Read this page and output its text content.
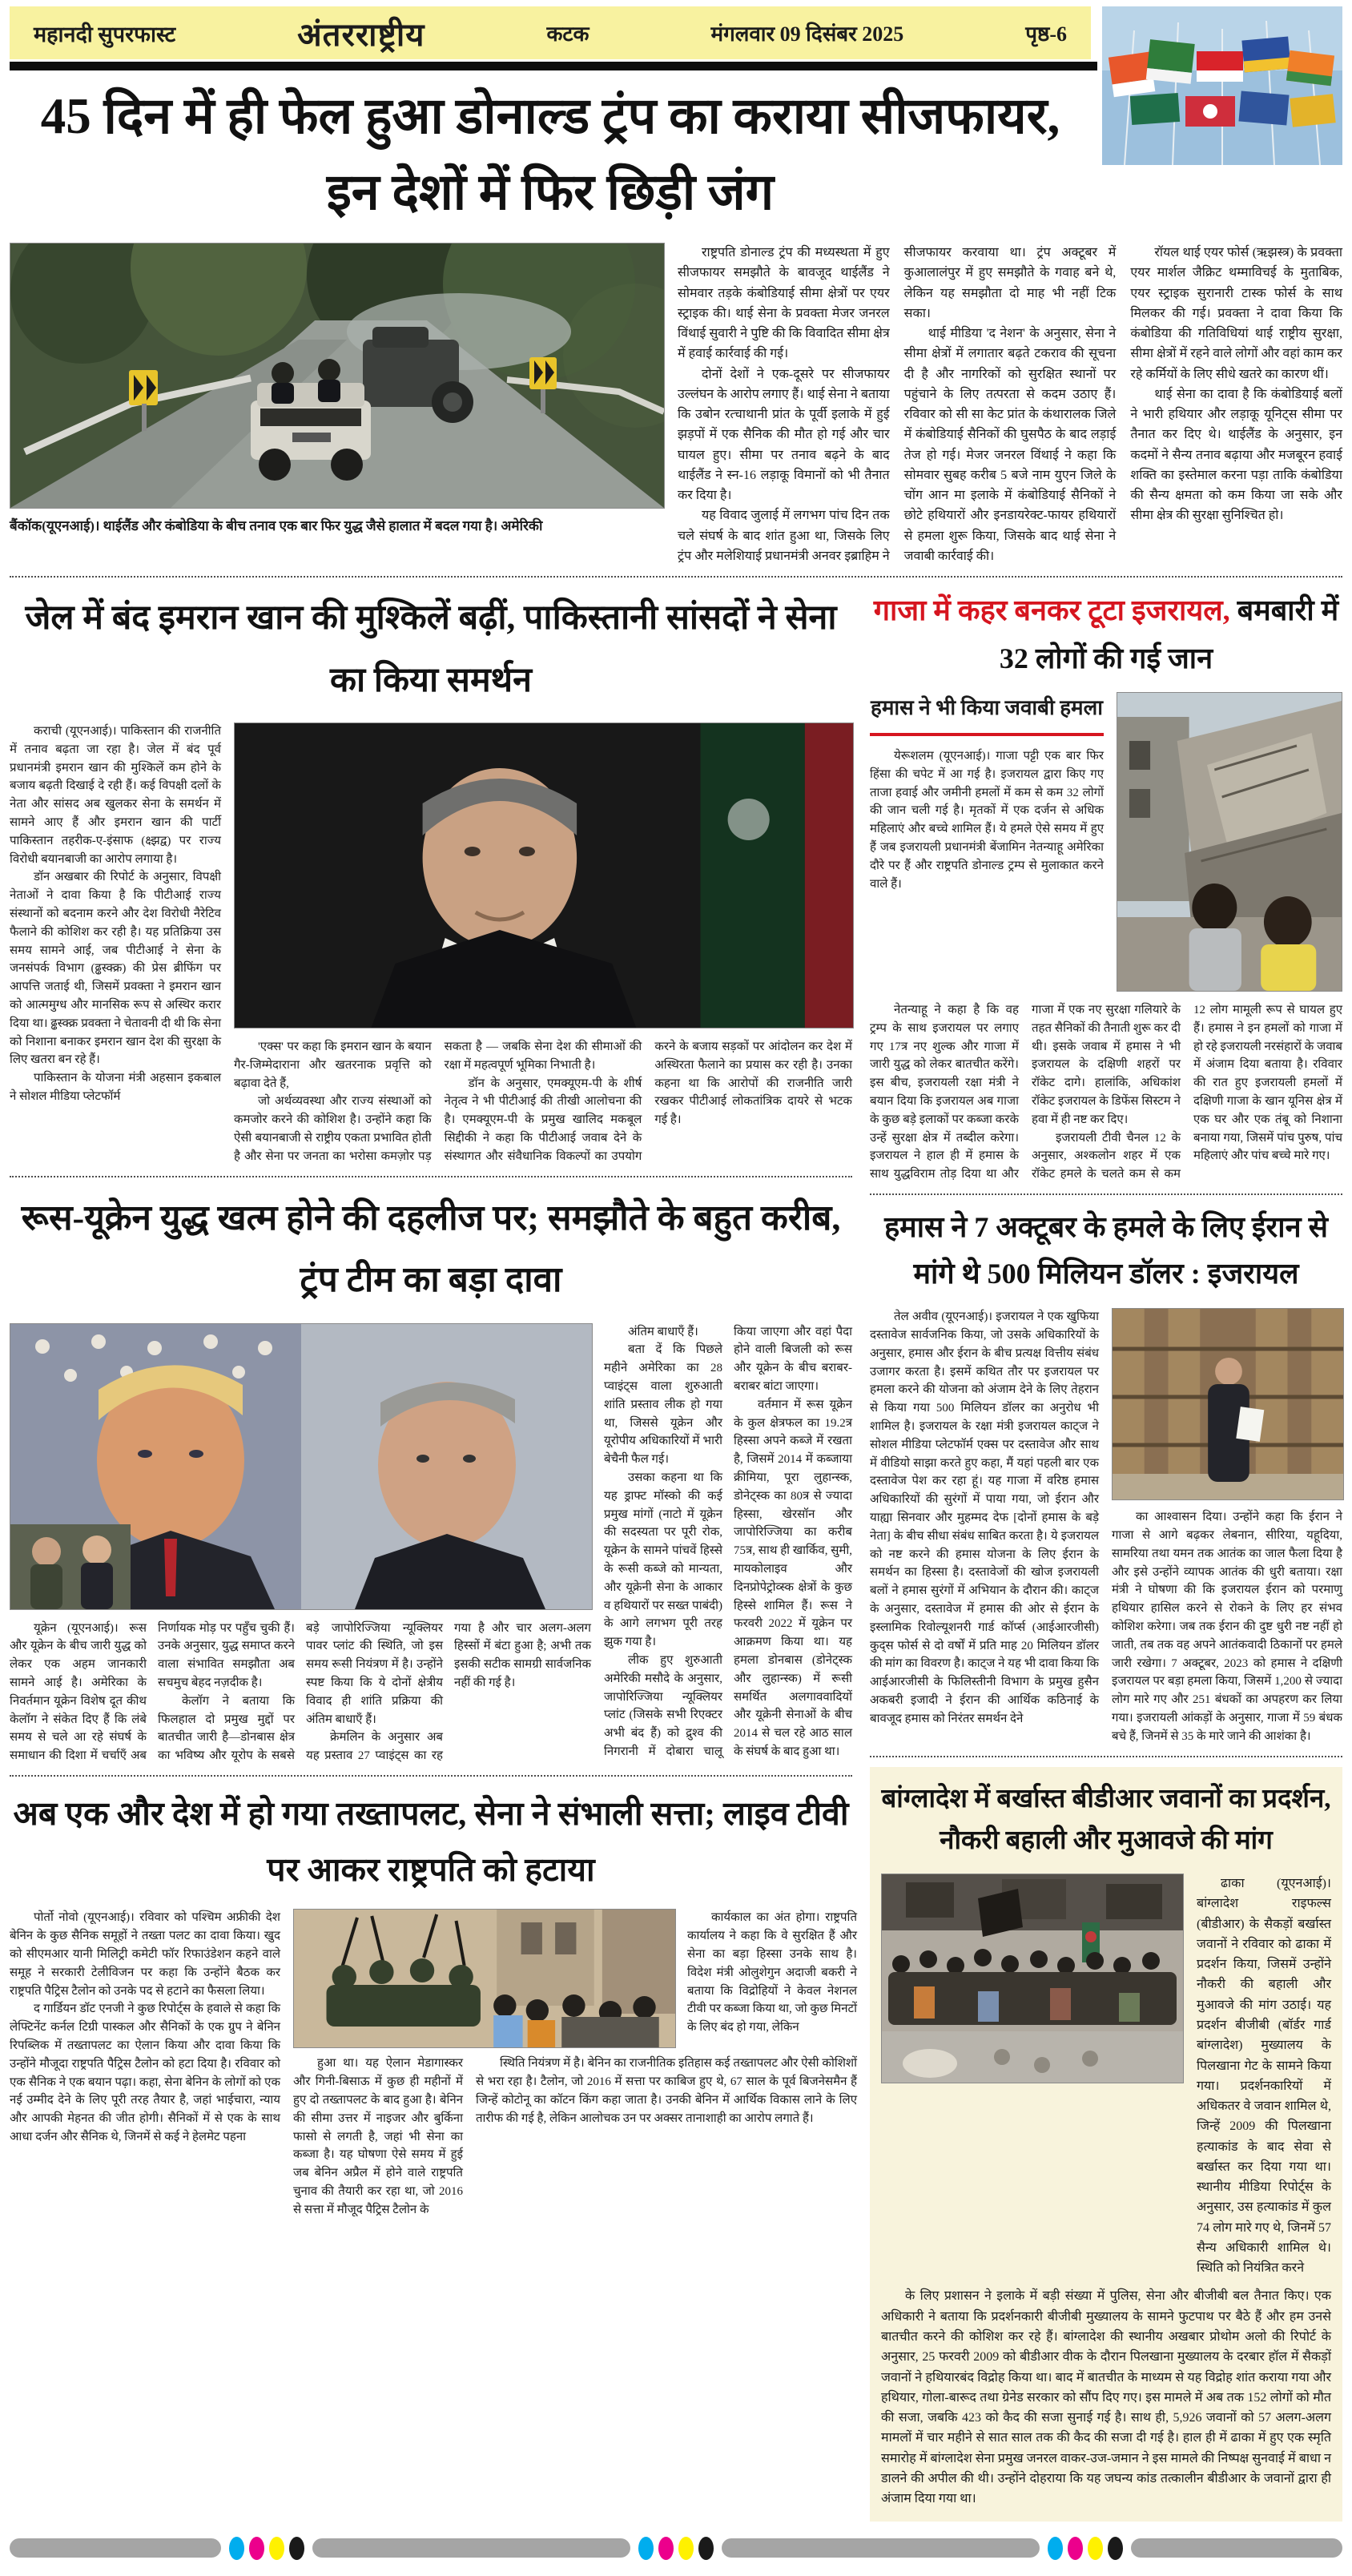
महानदी सुपरफास्ट	अंतरराष्ट्रीय	कटक	मंगलवार 09 दिसंबर 2025	पृष्ठ-6
45 दिन में ही फेल हुआ डोनाल्ड ट्रंप का कराया सीजफायर, इन देशों में फिर छिड़ी जंग
बैंकॉक(यूएनआई)। थाईलैंड और कंबोडिया के बीच तनाव एक बार फिर युद्ध जैसे हालात में बदल गया है। अमेरिकी

राष्ट्रपति डोनाल्ड ट्रंप की मध्यस्थता में हुए सीजफायर समझौते के बावजूद थाईलैंड ने सोमवार तड़के कंबोडियाई सीमा क्षेत्रों पर एयर स्ट्राइक की। थाई सेना के प्रवक्ता मेजर जनरल विंथाई सुवारी ने पुष्टि की कि विवादित सीमा क्षेत्र में हवाई कार्रवाई की गई।

दोनों देशों ने एक-दूसरे पर सीजफायर उल्लंघन के आरोप लगाए हैं। थाई सेना ने बताया कि उबोन रत्चाथानी प्रांत के पूर्वी इलाके में हुई झड़पों में एक सैनिक की मौत हो गई और चार घायल हुए। सीमा पर तनाव बढ़ने के बाद थाईलैंड ने स्न-16 लड़ाकू विमानों को भी तैनात कर दिया है।

यह विवाद जुलाई में लगभग पांच दिन तक चले संघर्ष के बाद शांत हुआ था, जिसके लिए ट्रंप और मलेशियाई प्रधानमंत्री अनवर इब्राहिम ने सीजफायर करवाया था। ट्रंप अक्टूबर में कुआलालंपुर में हुए समझौते के गवाह बने थे, लेकिन यह समझौता दो माह भी नहीं टिक सका।

थाई मीडिया 'द नेशन' के अनुसार, सेना ने सीमा क्षेत्रों में लगातार बढ़ते टकराव की सूचना दी है और नागरिकों को सुरक्षित स्थानों पर पहुंचाने के लिए तत्परता से कदम उठाए हैं। रविवार को सी सा केट प्रांत के कंथारालक जिले में कंबोडियाई सैनिकों की घुसपैठ के बाद लड़ाई तेज हो गई। मेजर जनरल विंथाई ने कहा कि सोमवार सुबह करीब 5 बजे नाम युएन जिले के चोंग आन मा इलाके में कंबोडियाई सैनिकों ने छोटे हथियारों और इनडायरेक्ट-फायर हथियारों से हमला शुरू किया, जिसके बाद थाई सेना ने जवाबी कार्रवाई की।

रॉयल थाई एयर फोर्स (ऋझस्त्र) के प्रवक्ता एयर मार्शल जैक्रिट थम्माविचई के मुताबिक, एयर स्ट्राइक सुरानारी टास्क फोर्स के साथ मिलकर की गई। प्रवक्ता ने दावा किया कि कंबोडिया की गतिविधियां थाई राष्ट्रीय सुरक्षा, सीमा क्षेत्रों में रहने वाले लोगों और वहां काम कर रहे कर्मियों के लिए सीधे खतरे का कारण थीं।

थाई सेना का दावा है कि कंबोडियाई बलों ने भारी हथियार और लड़ाकू यूनिट्स सीमा पर तैनात कर दिए थे। थाईलैंड के अनुसार, इन कदमों ने सैन्य तनाव बढ़ाया और मजबूरन हवाई शक्ति का इस्तेमाल करना पड़ा ताकि कंबोडिया की सैन्य क्षमता को कम किया जा सके और सीमा क्षेत्र की सुरक्षा सुनिश्चित हो।

जेल में बंद इमरान खान की मुश्किलें बढ़ीं, पाकिस्तानी सांसदों ने सेना का किया समर्थन

कराची (यूएनआई)। पाकिस्तान की राजनीति में तनाव बढ़ता जा रहा है। जेल में बंद पूर्व प्रधानमंत्री इमरान खान की मुश्किलें कम होने के बजाय बढ़ती दिखाई दे रही हैं। कई विपक्षी दलों के नेता और सांसद अब खुलकर सेना के समर्थन में सामने आए हैं और इमरान खान की पार्टी पाकिस्तान तहरीक-ए-इंसाफ (क्ष्झद्व) पर राज्य विरोधी बयानबाजी का आरोप लगाया है।

डॉन अखबार की रिपोर्ट के अनुसार, विपक्षी नेताओं ने दावा किया है कि पीटीआई राज्य संस्थानों को बदनाम करने और देश विरोधी नैरेटिव फैलाने की कोशिश कर रही है। यह प्रतिक्रिया उस समय सामने आई, जब पीटीआई ने सेना के जनसंपर्क विभाग (ढ्ढस्क्क्र) की प्रेस ब्रीफिंग पर आपत्ति जताई थी, जिसमें प्रवक्ता ने इमरान खान को आत्ममुग्ध और मानसिक रूप से अस्थिर करार दिया था। ढ्ढस्क्क्र प्रवक्ता ने चेतावनी दी थी कि सेना को निशाना बनाकर इमरान खान देश की सुरक्षा के लिए खतरा बन रहे हैं।

पाकिस्तान के योजना मंत्री अहसान इकबाल ने सोशल मीडिया प्लेटफॉर्म

'एक्स' पर कहा कि इमरान खान के बयान गैर-जिम्मेदाराना और खतरनाक प्रवृत्ति को बढ़ावा देते हैं,

जो अर्थव्यवस्था और राज्य संस्थाओं को कमजोर करने की कोशिश है। उन्होंने कहा कि ऐसी बयानबाजी से राष्ट्रीय एकता प्रभावित होती है और सेना पर जनता का भरोसा कमज़ोर पड़ सकता है — जबकि सेना देश की सीमाओं की रक्षा में महत्वपूर्ण भूमिका निभाती है।

डॉन के अनुसार, एमक्यूएम-पी के शीर्ष नेतृत्व ने भी पीटीआई की तीखी आलोचना की है। एमक्यूएम-पी के प्रमुख खालिद मकबूल सिद्दीकी ने कहा कि पीटीआई जवाब देने के संस्थागत और संवैधानिक विकल्पों का उपयोग करने के बजाय सड़कों पर आंदोलन कर देश में अस्थिरता फैलाने का प्रयास कर रही है। उनका कहना था कि आरोपों की राजनीति जारी रखकर पीटीआई लोकतांत्रिक दायरे से भटक गई है।

रूस-यूक्रेन युद्ध खत्म होने की दहलीज पर; समझौते के बहुत करीब, ट्रंप टीम का बड़ा दावा

यूक्रेन (यूएनआई)। रूस और यूक्रेन के बीच जारी युद्ध को लेकर एक अहम जानकारी सामने आई है। अमेरिका के निवर्तमान यूक्रेन विशेष दूत कीथ केलॉग ने संकेत दिए हैं कि लंबे समय से चले आ रहे संघर्ष के समाधान की दिशा में चर्चाएँ अब निर्णायक मोड़ पर पहुँच चुकी हैं। उनके अनुसार, युद्ध समाप्त करने वाला संभावित समझौता अब सचमुच बेहद नज़दीक है।

केलॉग ने बताया कि फिलहाल दो प्रमुख मुद्दों पर बातचीत जारी है—डोनबास क्षेत्र का भविष्य और यूरोप के सबसे बड़े जापोरिज्जिया न्यूक्लियर पावर प्लांट की स्थिति, जो इस समय रूसी नियंत्रण में है। उन्होंने स्पष्ट किया कि ये दोनों क्षेत्रीय विवाद ही शांति प्रक्रिया की अंतिम बाधाएँ हैं।

क्रेमलिन के अनुसार अब यह प्रस्ताव 27 प्वाइंट्स का रह गया है और चार अलग-अलग हिस्सों में बंटा हुआ है; अभी तक इसकी सटीक सामग्री सार्वजनिक नहीं की गई है।

अंतिम बाधाएँ हैं।

बता दें कि पिछले महीने अमेरिका का 28 प्वाइंट्स वाला शुरुआती शांति प्रस्ताव लीक हो गया था, जिससे यूक्रेन और यूरोपीय अधिकारियों में भारी बेचैनी फैल गई।

उसका कहना था कि यह ड्राफ्ट मॉस्को की कई प्रमुख मांगों (नाटो में यूक्रेन की सदस्यता पर पूरी रोक, यूक्रेन के सामने पांचवें हिस्से के रूसी कब्जे को मान्यता, और यूक्रेनी सेना के आकार व हथियारों पर सख्त पाबंदी) के आगे लगभग पूरी तरह झुक गया है।

लीक हुए शुरुआती अमेरिकी मसौदे के अनुसार, जापोरिज्जिया न्यूक्लियर प्लांट (जिसके सभी रिएक्टर अभी बंद हैं) को द्रुश्व की निगरानी में दोबारा चालू किया जाएगा और वहां पैदा होने वाली बिजली को रूस और यूक्रेन के बीच बराबर-बराबर बांटा जाएगा।

वर्तमान में रूस यूक्रेन के कुल क्षेत्रफल का 19.2त्र हिस्सा अपने कब्जे में रखता है, जिसमें 2014 में कब्जाया क्रीमिया, पूरा लुहान्स्क, डोनेट्स्क का 80त्र से ज्यादा हिस्सा, खेरसॉन और जापोरिज्जिया का करीब 75त्र, साथ ही खार्किव, सुमी, मायकोलाइव और दिनप्रोपेट्रोव्स्क क्षेत्रों के कुछ हिस्से शामिल हैं। रूस ने फरवरी 2022 में यूक्रेन पर आक्रमण किया था। यह हमला डोनबास (डोनेट्स्क और लुहान्स्क) में रूसी समर्थित अलगाववादियों और यूक्रेनी सेनाओं के बीच 2014 से चल रहे आठ साल के संघर्ष के बाद हुआ था।

अब एक और देश में हो गया तख्तापलट, सेना ने संभाली सत्ता; लाइव टीवी पर आकर राष्ट्रपति को हटाया

पोर्तो नोवो (यूएनआई)। रविवार को पश्चिम अफ्रीकी देश बेनिन के कुछ सैनिक समूहों ने तख्ता पलट का दावा किया। खुद को सीएमआर यानी मिलिट्री कमेटी फॉर रिफाउंडेशन कहने वाले समूह ने सरकारी टेलीविजन पर कहा कि उन्होंने बैठक कर राष्ट्रपति पैट्रिस टैलोन को उनके पद से हटाने का फैसला लिया।

द गार्डियन डॉट एनजी ने कुछ रिपोर्ट्स के हवाले से कहा कि लेफ्टिनेंट कर्नल टिग्री पास्कल और सैनिकों के एक ग्रुप ने बेनिन रिपब्लिक में तख्तापलट का ऐलान किया और दावा किया कि उन्होंने मौजूदा राष्ट्रपति पैट्रिस टैलोन को हटा दिया है। रविवार को एक सैनिक ने एक बयान पढ़ा। कहा, सेना बेनिन के लोगों को एक नई उम्मीद देने के लिए पूरी तरह तैयार है, जहां भाईचारा, न्याय और आपकी मेहनत की जीत होगी। सैनिकों में से एक के साथ आधा दर्जन और सैनिक थे, जिनमें से कई ने हेलमेट पहना

कार्यकाल का अंत होगा। राष्ट्रपति कार्यालय ने कहा कि वे सुरक्षित हैं और सेना का बड़ा हिस्सा उनके साथ है। विदेश मंत्री ओलुशेगुन अदाजी बकरी ने बताया कि विद्रोहियों ने केवल नेशनल टीवी पर कब्जा किया था, जो कुछ मिनटों के लिए बंद हो गया, लेकिन

हुआ था। यह ऐलान मेडागास्कर और गिनी-बिसाऊ में कुछ ही महीनों में हुए दो तख्तापलट के बाद हुआ है। बेनिन की सीमा उत्तर में नाइजर और बुर्किना फासो से लगती है, जहां भी सेना का कब्जा है। यह घोषणा ऐसे समय में हुई जब बेनिन अप्रैल में होने वाले राष्ट्रपति चुनाव की तैयारी कर रहा था, जो 2016 से सत्ता में मौजूद पैट्रिस टैलोन के

स्थिति नियंत्रण में है। बेनिन का राजनीतिक इतिहास कई तख्तापलट और ऐसी कोशिशों से भरा रहा है। टैलोन, जो 2016 में सत्ता पर काबिज हुए थे, 67 साल के पूर्व बिजनेसमैन हैं जिन्हें कोटोनू का कॉटन किंग कहा जाता है। उनकी बेनिन में आर्थिक विकास लाने के लिए तारीफ की गई है, लेकिन आलोचक उन पर अक्सर तानाशाही का आरोप लगाते हैं।

गाजा में कहर बनकर टूटा इजरायल, बमबारी में 32 लोगों की गई जान
हमास ने भी किया जवाबी हमला

येरूशलम (यूएनआई)। गाजा पट्टी एक बार फिर हिंसा की चपेट में आ गई है। इजरायल द्वारा किए गए ताजा हवाई और जमीनी हमलों में कम से कम 32 लोगों की जान चली गई है। मृतकों में एक दर्जन से अधिक महिलाएं और बच्चे शामिल हैं। ये हमले ऐसे समय में हुए हैं जब इजरायली प्रधानमंत्री बेंजामिन नेतन्याहू अमेरिका दौरे पर हैं और राष्ट्रपति डोनाल्ड ट्रम्प से मुलाकात करने वाले हैं।

नेतन्याहू ने कहा है कि वह ट्रम्प के साथ इजरायल पर लगाए गए 17त्र नए शुल्क और गाजा में जारी युद्ध को लेकर बातचीत करेंगे। इस बीच, इजरायली रक्षा मंत्री ने बयान दिया कि इजरायल अब गाजा के कुछ बड़े इलाकों पर कब्जा करके उन्हें सुरक्षा क्षेत्र में तब्दील करेगा। इजरायल ने हाल ही में हमास के साथ युद्धविराम तोड़ दिया था और गाजा में एक नए सुरक्षा गलियारे के तहत सैनिकों की तैनाती शुरू कर दी थी। इसके जवाब में हमास ने भी इजरायल के दक्षिणी शहरों पर रॉकेट दागे। हालांकि, अधिकांश रॉकेट इजरायल के डिफेंस सिस्टम ने हवा में ही नष्ट कर दिए।

इजरायली टीवी चैनल 12 के अनुसार, अश्कलोन शहर में एक रॉकेट हमले के चलते कम से कम 12 लोग मामूली रूप से घायल हुए हैं। हमास ने इन हमलों को गाजा में हो रहे इजरायली नरसंहारों के जवाब में अंजाम दिया बताया है। रविवार की रात हुए इजरायली हमलों में दक्षिणी गाजा के खान यूनिस क्षेत्र में एक घर और एक तंबू को निशाना बनाया गया, जिसमें पांच पुरुष, पांच महिलाएं और पांच बच्चे मारे गए।

हमास ने 7 अक्टूबर के हमले के लिए ईरान से मांगे थे 500 मिलियन डॉलर : इजरायल

तेल अवीव (यूएनआई)। इजरायल ने एक खुफिया दस्तावेज सार्वजनिक किया, जो उसके अधिकारियों के अनुसार, हमास और ईरान के बीच प्रत्यक्ष वित्तीय संबंध उजागर करता है। इसमें कथित तौर पर इजरायल पर हमला करने की योजना को अंजाम देने के लिए तेहरान से किया गया 500 मिलियन डॉलर का अनुरोध भी शामिल है। इजरायल के रक्षा मंत्री इजरायल काट्ज ने सोशल मीडिया प्लेटफॉर्म एक्स पर दस्तावेज और साथ में वीडियो साझा करते हुए कहा, मैं यहां पहली बार एक दस्तावेज पेश कर रहा हूं। यह गाजा में वरिष्ठ हमास अधिकारियों की सुरंगों में पाया गया, जो ईरान और याह्या सिनवार और मुहम्मद देफ [दोनों हमास के बड़े नेता] के बीच सीधा संबंध साबित करता है। ये इजरायल को नष्ट करने की हमास योजना के लिए ईरान के समर्थन का हिस्सा है। दस्तावेजों की खोज इजरायली बलों ने हमास सुरंगों में अभियान के दौरान की। काट्ज के अनुसार, दस्तावेज में हमास की ओर से ईरान के इस्लामिक रिवोल्यूशनरी गार्ड कॉर्प्स (आईआरजीसी) कुद्स फोर्स से दो वर्षों में प्रति माह 20 मिलियन डॉलर की मांग का विवरण है। काट्ज ने यह भी दावा किया कि आईआरजीसी के फिलिस्तीनी विभाग के प्रमुख हुसैन अकबरी इजादी ने ईरान की आर्थिक कठिनाई के बावजूद हमास को निरंतर समर्थन देने

का आश्वासन दिया। उन्होंने कहा कि ईरान ने गाजा से आगे बढ़कर लेबनान, सीरिया, यहूदिया, सामरिया तथा यमन तक आतंक का जाल फैला दिया है और इसे उन्होंने व्यापक आतंक की धुरी बताया। रक्षा मंत्री ने घोषणा की कि इजरायल ईरान को परमाणु हथियार हासिल करने से रोकने के लिए हर संभव कोशिश करेगा। जब तक ईरान की दुष्ट धुरी नष्ट नहीं हो जाती, तब तक वह अपने आतंकवादी ठिकानों पर हमले जारी रखेगा। 7 अक्टूबर, 2023 को हमास ने दक्षिणी इजरायल पर बड़ा हमला किया, जिसमें 1,200 से ज्यादा लोग मारे गए और 251 बंधकों का अपहरण कर लिया गया। इजरायली आंकड़ों के अनुसार, गाजा में 59 बंधक बचे हैं, जिनमें से 35 के मारे जाने की आशंका है।

बांग्लादेश में बर्खास्त बीडीआर जवानों का प्रदर्शन, नौकरी बहाली और मुआवजे की मांग

ढाका (यूएनआई)। बांग्लादेश राइफल्स (बीडीआर) के सैकड़ों बर्खास्त जवानों ने रविवार को ढाका में प्रदर्शन किया, जिसमें उन्होंने नौकरी की बहाली और मुआवजे की मांग उठाई। यह प्रदर्शन बीजीबी (बॉर्डर गार्ड बांग्लादेश) मुख्यालय के पिलखाना गेट के सामने किया गया। प्रदर्शनकारियों में अधिकतर वे जवान शामिल थे, जिन्हें 2009 की पिलखाना हत्याकांड के बाद सेवा से बर्खास्त कर दिया गया था। स्थानीय मीडिया रिपोर्ट्स के अनुसार, उस हत्याकांड में कुल 74 लोग मारे गए थे, जिनमें 57 सैन्य अधिकारी शामिल थे। स्थिति को नियंत्रित करने

के लिए प्रशासन ने इलाके में बड़ी संख्या में पुलिस, सेना और बीजीबी बल तैनात किए। एक अधिकारी ने बताया कि प्रदर्शनकारी बीजीबी मुख्यालय के सामने फुटपाथ पर बैठे हैं और हम उनसे बातचीत करने की कोशिश कर रहे हैं। बांग्लादेश की स्थानीय अखबार प्रोथोम अलो की रिपोर्ट के अनुसार, 25 फरवरी 2009 को बीडीआर वीक के दौरान पिलखाना मुख्यालय के दरबार हॉल में सैकड़ों जवानों ने हथियारबंद विद्रोह किया था। बाद में बातचीत के माध्यम से यह विद्रोह शांत कराया गया और हथियार, गोला-बारूद तथा ग्रेनेड सरकार को सौंप दिए गए। इस मामले में अब तक 152 लोगों को मौत की सजा, जबकि 423 को कैद की सजा सुनाई गई है। साथ ही, 5,926 जवानों को 57 अलग-अलग मामलों में चार महीने से सात साल तक की कैद की सजा दी गई है। हाल ही में ढाका में हुए एक स्मृति समारोह में बांग्लादेश सेना प्रमुख जनरल वाकर-उज-जमान ने इस मामले की निष्पक्ष सुनवाई में बाधा न डालने की अपील की थी। उन्होंने दोहराया कि यह जघन्य कांड तत्कालीन बीडीआर के जवानों द्वारा ही अंजाम दिया गया था।
